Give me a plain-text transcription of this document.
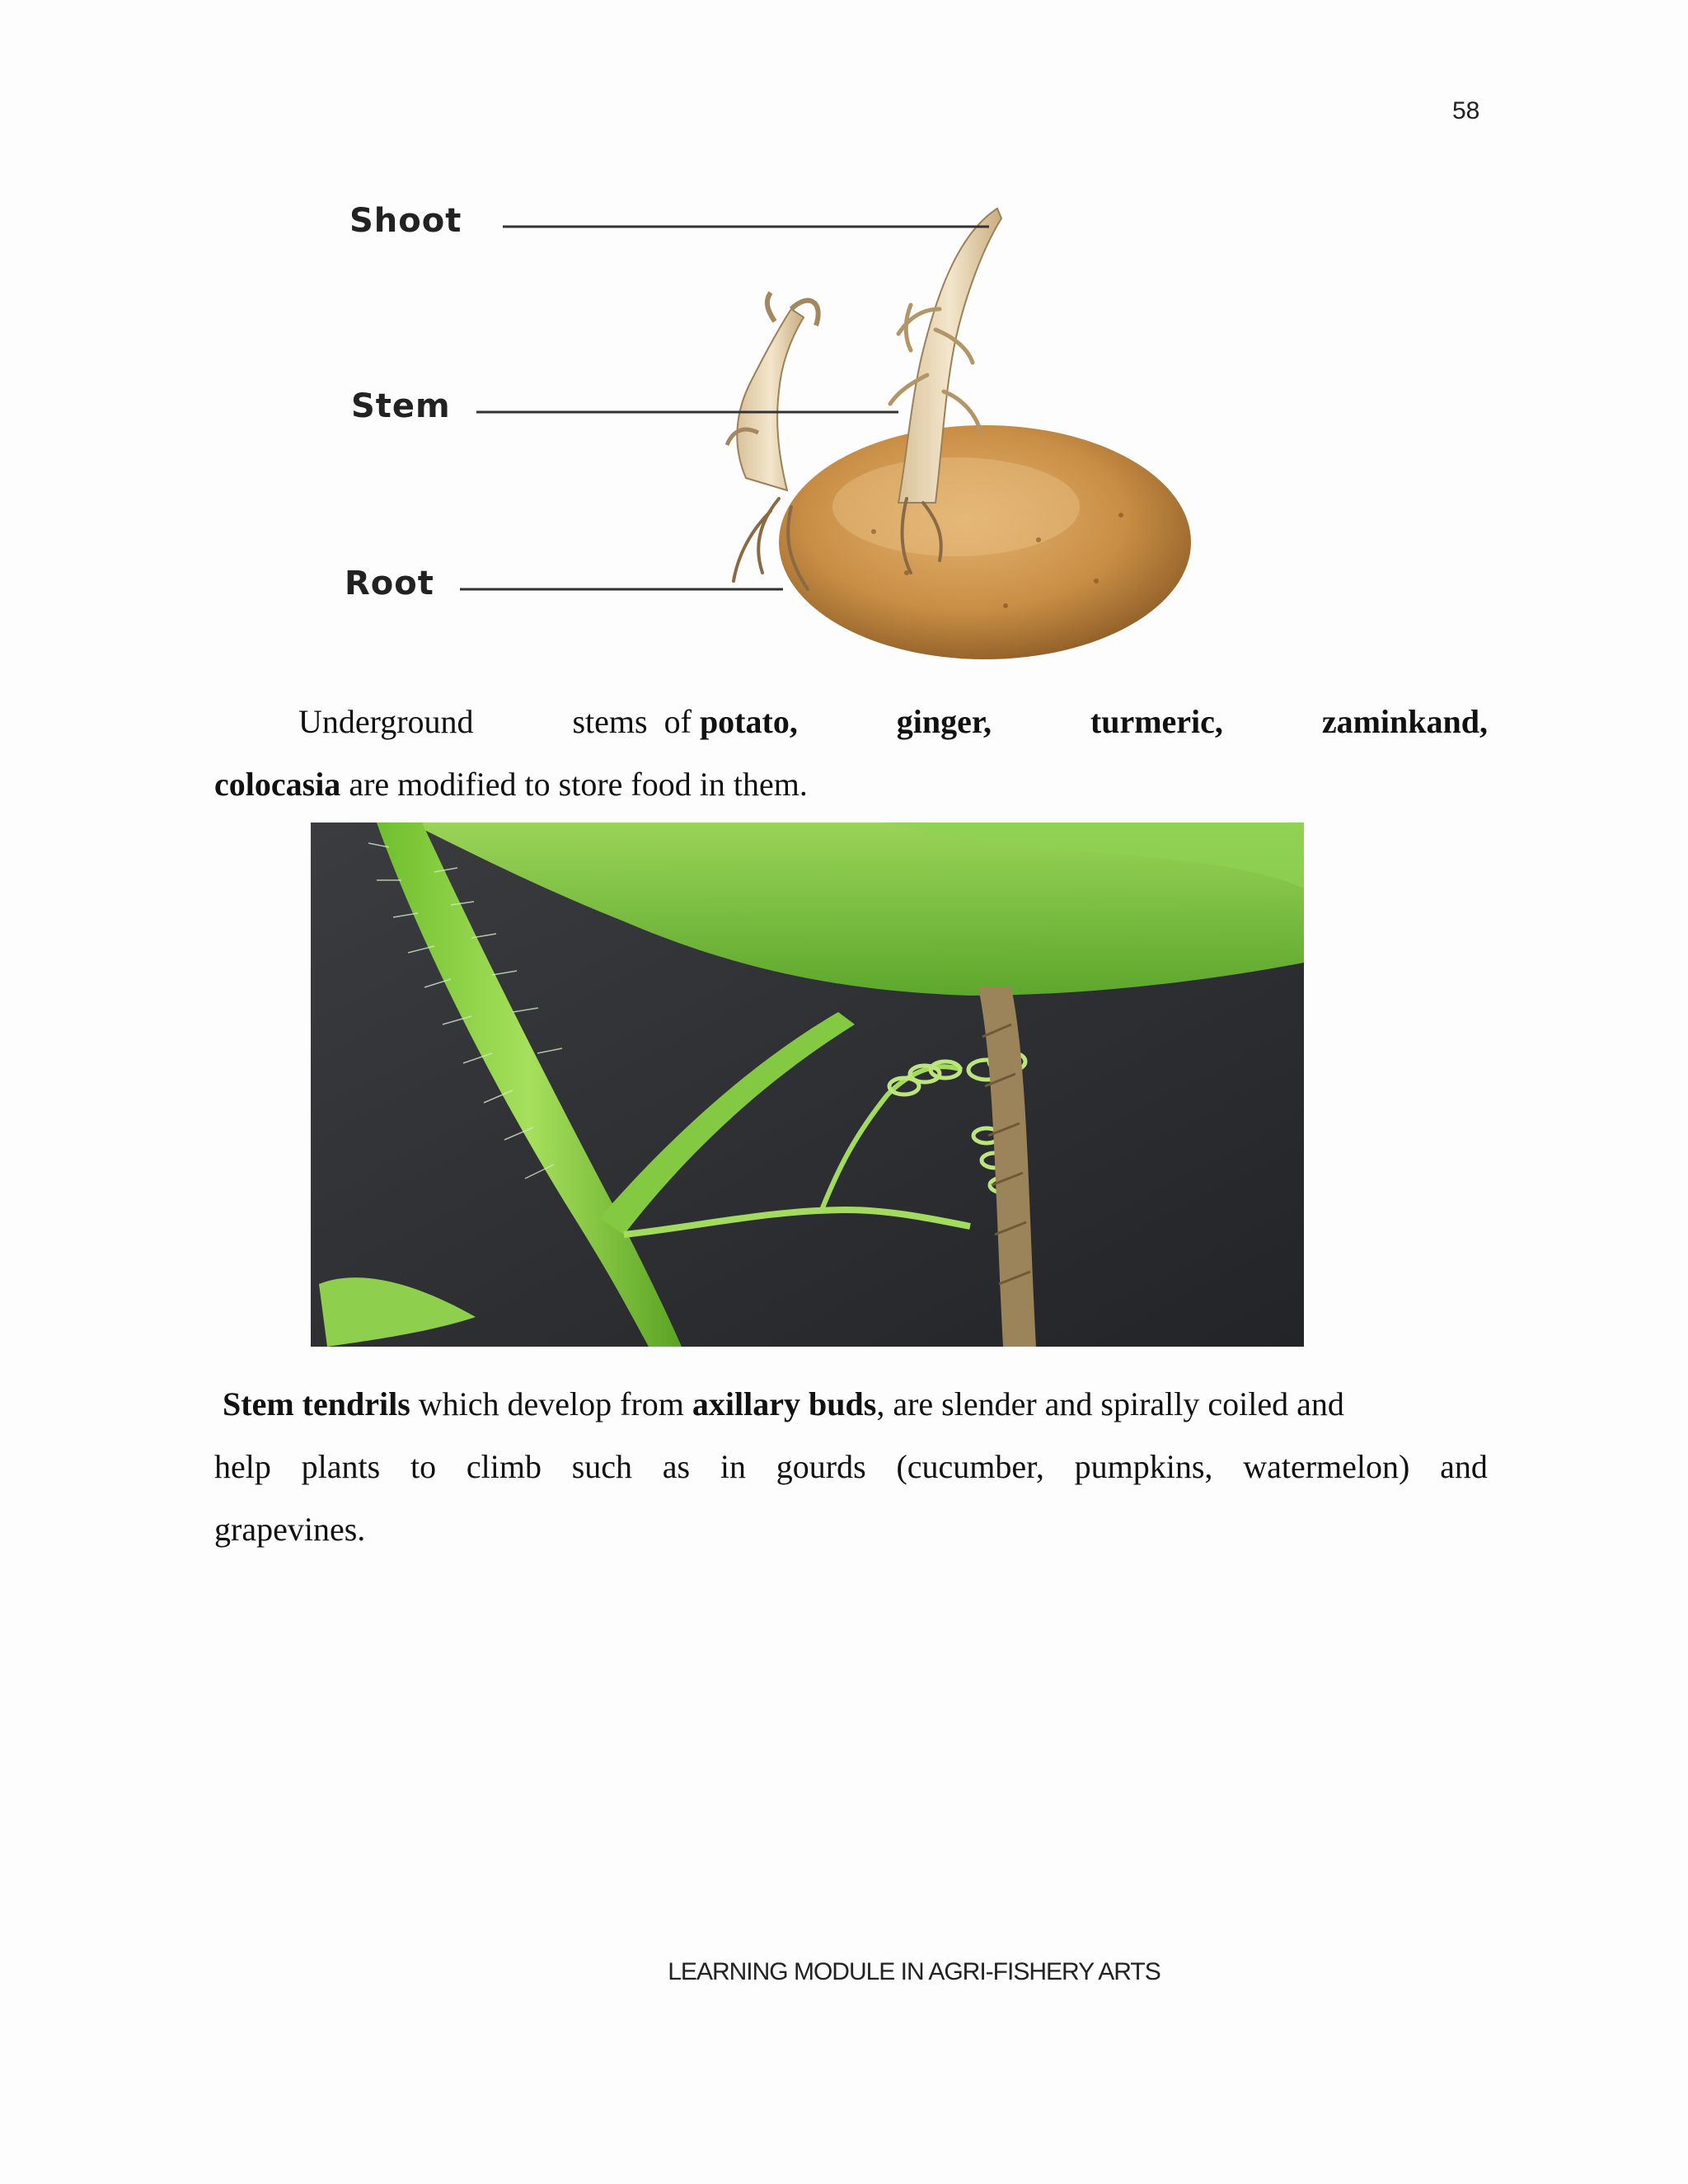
58
Shoot
Stem
Root
Underground	stems of potato,	ginger,	turmeric,	zaminkand,
colocasia are modified to store food in them.
Stem tendrils which develop from axillary buds, are slender and spirally coiled and
help plants to climb such as in gourds (cucumber, pumpkins, watermelon) and
grapevines.
LEARNING MODULE IN AGRI-FISHERY ARTS
